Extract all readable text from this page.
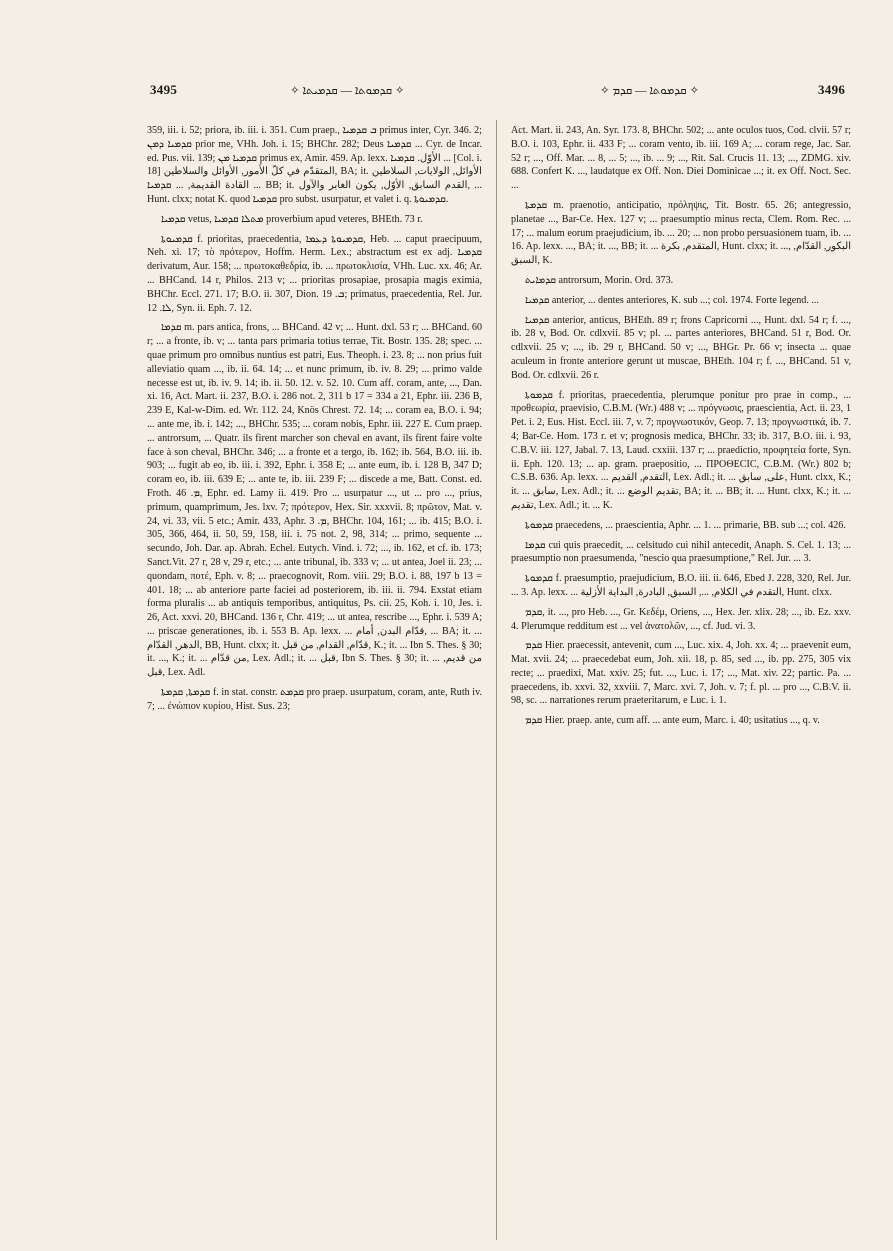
3495	✧ ܩܕܡܘܬܐ — ܩܕܡܝܬܐ ✧	✧ ܩܕܡܘܬܐ — ܩܕܡ ✧	3496

359, iii. i. 52; priora, ib. iii. i. 351. Cum praep., ܒ ܩܕܡܝܐ primus inter, Cyr. 346. 2; ܩܕܡܝܐ ܕܡܢ prior me, VHh. Joh. i. 15; BHChr. 282; Deus ܩܕܡܝܐ ... Cyr. de Incar. ed. Pus. vii. 139; ܩܕܡܝܐ ܡܢ primus ex, Amir. 459. Ap. lexx. الأوّل. ܩܕܡܝܐ ... [Col. i. 18] المتقدّم في كلّ الأمور, الأوائل والسلاطين, BA; it. الأوائل, الولايات, السلاطين القادة القديمة, ... ܩܕܡܝܐ ... BB; it. القدم السابق, الأوّل, يكون الغابر والآول, ... Hunt. clxx; notat K. quod ܩܕܡܝܐ pro subst. usurpatur, et valet i. q. ܩܕܡܝܘܬܐ.

ܩܕܡܝܐ vetus, ܡܬܠܐ ܩܕܡܝܐ proverbium apud veteres, BHEth. 73 r.

ܩܕܡܝܘܬܐ f. prioritas, praecedentia, ܩܕܡܝܘܬܐ ܕܥܡܐ, Heb. ... caput praecipuum, Neh. xi. 17; τὸ πρότερον, Hoffm. Herm. Lex.; abstractum est ex adj. ܩܕܡܝܐ derivatum, Aur. 158; ... πρωτοκαθεδρία, ib. ... πρωτοκλισία, VHh. Luc. xx. 46; Ar. ... BHCand. 14 r, Philos. 213 v; ... prioritas prosapiae, prosapia magis eximia, BHChr. Eccl. 271. 17; B.O. ii. 307, Dion. ܒ. 19; primatus, praecedentia, Rel. Jur. ܠܐ. 12, Syn. ii. Eph. 7. 12.

ܩܕܡܐ m. pars antica, frons, ... BHCand. 42 v; ... Hunt. dxl. 53 r; ... BHCand. 60 r; ... a fronte, ib. v; ... tanta pars primaria totius terrae, Tit. Bostr. 135. 28; spec. ... quae primum pro omnibus nuntius est patri, Eus. Theoph. i. 23. 8; ... non prius fuit alleviatio quam ..., ib. ii. 64. 14; ... et nunc primum, ib. iv. 8. 29; ... primo valde necesse est ut, ib. iv. 9. 14; ib. ii. 50. 12. v. 52. 10. Cum aff. coram, ante, ..., Dan. xi. 16, Act. Mart. ii. 237, B.O. i. 286 not. 2, 311 b 17 = 334 a 21, Ephr. iii. 236 B, 239 E, Kal-w-Dim. ed. Wr. 112. 24, Knös Chrest. 72. 14; ... coram ea, B.O. i. 94; ... ante me, ib. i. 142; ..., BHChr. 535; ... coram nobis, Ephr. iii. 227 E. Cum praep. ... antrorsum, ... Quatr. ils firent marcher son cheval en avant, ils firent faire volte face à son cheval, BHChr. 346; ... a fronte et a tergo, ib. 162; ib. 564, B.O. iii. ib. 903; ... fugit ab eo, ib. iii. i. 392, Ephr. i. 358 E; ... ante eum, ib. i. 128 B, 347 D; coram eo, ib. iii. 639 E; ... ante te, ib. iii. 239 F; ... discede a me, Batt. Const. ed. Froth. ܡ. 46, Ephr. ed. Lamy ii. 419. Pro ... usurpatur ..., ut ... pro ..., prius, primum, quamprimum, Jes. lxv. 7; πρότερον, Hex. Sir. xxxvii. 8; πρῶτον, Mat. v. 24, vi. 33, vii. 5 etc.; Amir. 433, Aphr. ܡ. 3, BHChr. 104, 161; ... ib. 415; B.O. i. 305, 366, 464, ii. 50, 59, 158, iii. i. 75 not. 2, 98, 314; ... primo, sequente ... secundo, Joh. Dar. ap. Abrah. Echel. Eutych. Vind. i. 72; ..., ib. 162, et cf. ib. 173; Sanct.Vit. 27 r, 28 v, 29 r, etc.; ... ante tribunal, ib. 333 v; ... ut antea, Joel ii. 23; ... quondam, ποτέ, Eph. v. 8; ... praecognovit, Rom. viii. 29; B.O. i. 88, 197 b 13 = 401. 18; ... ab anteriore parte faciei ad posteriorem, ib. iii. ii. 794. Exstat etiam forma pluralis ... ab antiquis temporibus, antiquitus, Ps. cii. 25, Koh. i. 10, Jes. i. 26, Act. xxvi. 20, BHCand. 136 r, Chr. 419; ... ut antea, rescribe ..., Ephr. i. 539 A; ... priscae generationes, ib. i. 553 B. Ap. lexx. ... قدّام البدن, أمام, ... BA; it. ... الدهر, القدّام, BB, Hunt. clxx; it. قدّام, القدام, من قبل, K.; it. ... Ibn S. Thes. § 30; it. ..., K.; it. ... من قدّام, Lex. Adl.; it. ... قبل, Ibn S. Thes. § 30; it. ... من قديم, قبل, Lex. Adl.

ܩܕܡܬܐ, ܩܕܡܬܐ f. in stat. constr. ܩܕܡܬ pro praep. usurpatum, coram, ante, Ruth iv. 7; ... ἐνώπιον κυρίου, Hist. Sus. 23;

Act. Mart. ii. 243, An. Syr. 173. 8, BHChr. 502; ... ante oculos tuos, Cod. clvii. 57 r; B.O. i. 103, Ephr. ii. 433 F; ... coram vento, ib. iii. 169 A; ... coram rege, Jac. Sar. 52 r; ..., Off. Mar. ... 8, ... 5; ..., ib. ... 9; ..., Rit. Sal. Crucis 11. 13; ..., ZDMG. xiv. 688. Confert K. ..., laudatque ex Off. Non. Diei Dominicae ...; it. ex Off. Noct. Sec. ...

ܩܕܡܬܐ m. praenotio, anticipatio, πρόληψις, Tit. Bostr. 65. 26; antegressio, planetae ..., Bar-Ce. Hex. 127 v; ... praesumptio minus recta, Clem. Rom. Rec. ... 17; ... malum eorum praejudicium, ib. ... 20; ... non probo persuasionem tuam, ib. ... 16. Ap. lexx. ..., BA; it. ..., BB; it. ... المتقدم, بكرة, Hunt. clxx; it. ..., البكور, القدّام, السبق, K.

ܩܕܡܐܝܬ antrorsum, Morin. Ord. 373.

ܩܕܡܝܐ anterior, ... dentes anteriores, K. sub ...; col. 1974. Forte legend. ...

ܩܕܡܝܐ anterior, anticus, BHEth. 89 r; frons Capricorni ..., Hunt. dxl. 54 r; f. ..., ib. 28 v, Bod. Or. cdlxvii. 85 v; pl. ... partes anteriores, BHCand. 51 r, Bod. Or. cdlxvii. 25 v; ..., ib. 29 r, BHCand. 50 v; ..., BHGr. Pr. 66 v; insecta ... quae aculeum in fronte anteriore gerunt ut muscae, BHEth. 104 r; f. ..., BHCand. 51 v, Bod. Or. cdlxvii. 26 r.

ܩܕܡܘܬܐ f. prioritas, praecedentia, plerumque ponitur pro prae in comp., ... προθεωρία, praevisio, C.B.M. (Wr.) 488 v; ... πρόγνωσις, praescientia, Act. ii. 23, 1 Pet. i. 2, Eus. Hist. Eccl. iii. 7, v. 7; προγνωστικόν, Geop. 7. 13; προγνωστικά, ib. 7. 4; Bar-Ce. Hom. 173 r. et v; prognosis medica, BHChr. 33; ib. 317, B.O. iii. i. 93, C.B.V. iii. 127, Jabal. 7. 13, Laud. cxxiii. 137 r; ... praedictio, προφητεία forte, Syn. ii. Eph. 120. 13; ... ap. gram. praepositio, ... ΠΡΟΘΕCIC, C.B.M. (Wr.) 802 b; C.S.B. 636. Ap. lexx. ... التقدم, القديم, Lex. Adl.; it. ... على, سابق, Hunt. clxx, K.; it. ... سابق, Lex. Adl.; it. ... تقديم الوضع, BA; it. ... BB; it. ... Hunt. clxx, K.; it. ... تقديم, Lex. Adl.; it. ... K.

ܩܕܡܘܬܐ praecedens, ... praescientia, Aphr. ... 1. ... primarie, BB. sub ...; col. 426.

ܩܕܡܐ cui quis praecedit, ... celsitudo cui nihil antecedit, Anaph. S. Cel. 1. 13; ... praesumptio non praesumenda, "nescio qua praesumptione," Rel. Jur. ... 3.

ܩܕܡܘܬܐ f. praesumptio, praejudicium, B.O. iii. ii. 646, Ebed J. 228, 320, Rel. Jur. ... 3. Ap. lexx. ... التقدم في الكلام, ..., السبق, البادرة, البداية الأزلية, Hunt. clxx.

ܩܕܡ, it. ..., pro Heb. ..., Gr. Κεδέμ, Oriens, ..., Hex. Jer. xlix. 28; ..., ib. Ez. xxv. 4. Plerumque redditum est ... vel ἀνατολῶν, ..., cf. Jud. vi. 3.

ܩܕܡ Hier. praecessit, antevenit, cum ..., Luc. xix. 4, Joh. xx. 4; ... praevenit eum, Mat. xvii. 24; ... praecedebat eum, Joh. xii. 18, p. 85, sed ..., ib. pp. 275, 305 vix recte; ... praedixi, Mat. xxiv. 25; fut. ..., Luc. i. 17; ..., Mat. xiv. 22; partic. Pa. ... praecedens, ib. xxvi. 32, xxviii. 7, Marc. xvi. 7, Joh. v. 7; f. pl. ... pro ..., C.B.V. ii. 98, sc. ... narrationes rerum praeteritarum, e Luc. i. 1.

ܩܕܡ Hier. praep. ante, cum aff. ... ante eum, Marc. i. 40; usitatius ..., q. v.
